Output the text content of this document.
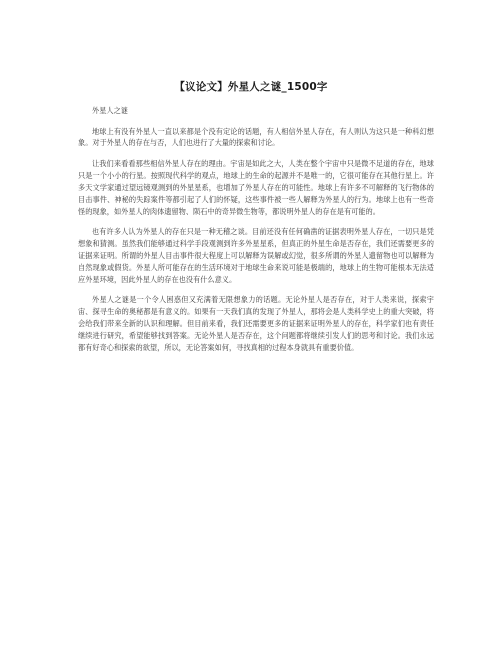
【议论文】外星人之谜_1500字

外星人之谜

地球上有没有外星人一直以来都是个没有定论的话题，有人相信外星人存在，有人则认为这只是一种科幻想象。对于外星人的存在与否，人们也进行了大量的探索和讨论。

让我们来看看那些相信外星人存在的理由。宇宙是如此之大，人类在整个宇宙中只是微不足道的存在，地球只是一个小小的行星。按照现代科学的观点，地球上的生命的起源并不是唯一的，它很可能存在其他行星上。许多天文学家通过望远镜观测到的外星星系，也增加了外星人存在的可能性。地球上有许多不可解释的飞行物体的目击事件、神秘的失踪案件等都引起了人们的怀疑，这些事件被一些人解释为外星人的行为。地球上也有一些奇怪的现象，如外星人的肉体遗留物、陨石中的奇异微生物等，都说明外星人的存在是有可能的。

也有许多人认为外星人的存在只是一种无稽之谈。目前还没有任何确凿的证据表明外星人存在，一切只是凭想象和猜测。虽然我们能够通过科学手段观测到许多外星星系，但真正的外星生命是否存在，我们还需要更多的证据来证明。所谓的外星人目击事件很大程度上可以解释为误解或幻觉，很多所谓的外星人遗留物也可以解释为自然现象或假货。外星人所可能存在的生活环境对于地球生命来说可能是极端的，地球上的生物可能根本无法适应外星环境，因此外星人的存在也没有什么意义。

外星人之谜是一个令人困惑但又充满着无限想象力的话题。无论外星人是否存在，对于人类来说，探索宇宙、探寻生命的奥秘都是有意义的。如果有一天我们真的发现了外星人，那将会是人类科学史上的重大突破，将会给我们带来全新的认识和理解。但目前来看，我们还需要更多的证据来证明外星人的存在，科学家们也有责任继续进行研究，希望能够找到答案。无论外星人是否存在，这个问题都将继续引发人们的思考和讨论。我们永远都有好奇心和探索的欲望，所以，无论答案如何，寻找真相的过程本身就具有重要价值。
